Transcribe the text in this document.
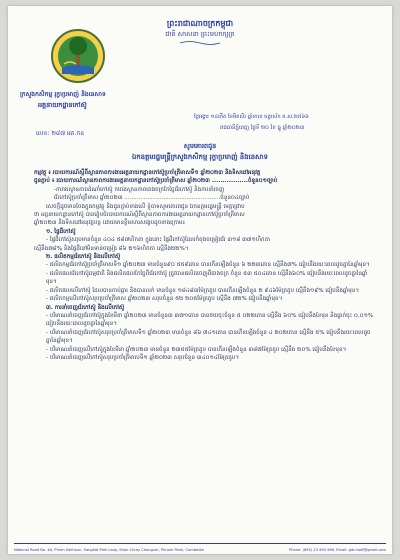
ព្រះរាជាណាចក្រកម្ពុជា
ជាតិ សាសនា ព្រះមហាក្សត្រ
ក្រសួងកសិកម្ម រុក្ខាប្រមាញ់ និងនេសាទ
អគ្គនាយកដ្ឋានកៅស៊ូ
លេខ: ២៨៧ អគ.កឧ
ថ្ងៃអង្គារ ១៤កើត ខែមិគសិរ ឆ្នាំខាល ចត្វាស័ក ព.ស.២៥៦៦
រាជធានីភ្នំពេញ ថ្ងៃទី ២០ ខែ ធ្នូ ឆ្នាំ២០២៣
សូមគោរពជូន
ឯកឧត្តមរដ្ឋមន្ត្រីក្រសួងកសិកម្ម រុក្ខាប្រមាញ់ និងនេសាទ

កម្មវត្ថុ ៖ របាយការណ៍ស្តីពីស្ថានភាពការងារអគ្គនាយកដ្ឋានកៅស៊ូប្រចាំត្រីមាសទី១ ឆ្នាំ២០២៣ និងទិសដៅអនុវត្ត

ជូនភ្ជាប់ ៖ របាយការណ៍ស្ថានភាពការងារអគ្គនាយកដ្ឋានកៅស៊ូប្រចាំត្រីមាស ឆ្នាំ២០២៣ .................ចំនួន០១ច្បាប់

-ការាងស្ថានភាពដំណាំកៅស៊ូ ការាងស្ថានភាពរោងចក្រកែច្នៃជ័រកៅស៊ូ និងការនាំចេញ

ជ័រកៅស៊ូប្រចាំត្រីមាស ឆ្នាំ២០២៣ ......................................................ចំនួន០៤ច្បាប់

សេចក្តីដូចមានចែងក្នុងកម្មវត្ថុ និងជូនភ្ជាប់ខាងលើ ខ្ញុំបាទសូមគោរពជូន ឯកឧត្តមរដ្ឋមន្ត្រី មេត្តាជ្រាប

ថា អគ្គនាយកដ្ឋានកៅស៊ូ បានរៀបចំរបាយការណ៍ស្តីពីស្ថានភាពការងារអគ្គនាយកដ្ឋានកៅស៊ូប្រចាំត្រីមាស

ឆ្នាំ២០២៣ និងទិសដៅអនុវត្តបន្ត ដោយមានខ្លឹមសារសង្ខេបដូចខាងក្រោម៖

១. ផ្ទៃដីកៅស៊ូ

- ផ្ទៃដីកៅស៊ូសរុបមានចំនួន ៤០៤ ៥៨៧ហិកតា ក្នុងនោះ ផ្ទៃដីកៅស៊ូដែលកំពុងចម្រៀរជ័រ ៣១៨ ៣៧១ហិកតា

ស្មើនឹង៧៨% និងផ្ទៃដីនៅមិនទាន់ចម្រៀរ ៨៦ ២១៦ហិកតា ស្មើនឹង២២%។

២. ផលិតកម្មជ័រកៅស៊ូ និងលើកៅស៊ូ

- ផលិតកម្មជ័រកៅស៊ូប្រចាំត្រីមាសទី១ ឆ្នាំ២០២៣ មានចំនួន៩០ ៥៥៩តោន បានកើនឡើងចំនួន ៦ ២២៣តោន ស្មើនឹង៧% ធៀបនឹងរយៈពេលដូចគ្នានៃឆ្នាំមុន។

- ផលិតផលជ័រកៅស៊ូធម្មជាតិ និងផលិតផលកែច្នៃពីជ័រកៅស៊ូ ត្រូវបានផលិតចេញពីរោងចក្រ ចំនួន ៥៣ ៥០៤តោន ស្មើនឹង៦០% ធៀបនឹងរយៈពេលដូចគ្នានៃឆ្នាំមុន។

- ផលិតផលលើកៅស៊ូ ដែលបានកាប់ឆ្ការ និងបានលក់ មានចំនួន ១៨៤៨៣ម៉ែត្រគូប បានកើនឡើងចំនួន ២ ៩៤៦ម៉ែត្រគូប ស្មើនឹង១៩% ធៀបនឹងឆ្នាំមុន។

- ផលិតកម្មលើកៅស៊ូសរុបប្រចាំត្រីមាស ឆ្នាំ២០២៣ សរុបចំនួន ៥២ ២០៥ម៉ែត្រគូប ស្មើនឹង ៧២% ធៀបនឹងឆ្នាំមុន។

៣. ការនាំចេញជ័រកៅស៊ូ និងលើកៅស៊ូ

- បរិមាណនាំចេញជ័រកៅស៊ូក្នុងខែមីនា ឆ្នាំ២០២៣ មានចំនួន៣ ៣៧១តោន បានថយចុះចំនួន ៥ ០២២តោន ស្មើនឹង ៦០% ធៀបនឹងខែមុន និងធ្លាក់ចុះ ០,០១% ធៀបនឹងរយៈពេលដូចគ្នានៃឆ្នាំមុន។

- បរិមាណនាំចេញជ័រកៅស៊ូសរុបប្រចាំត្រីមាសទី១ ឆ្នាំ២០២៣ មានចំនួន ៨៦ ៧៤១តោន បានកើនឡើងចំនួន ៤ ២០២តោន ស្មើនឹង ៥% ធៀបនឹងរយៈពេលដូចគ្នានៃឆ្នាំមុន។

- បរិមាណនាំចេញលើកៅស៊ូក្នុងខែមីនា ឆ្នាំ២០២៣ មានចំនួន ២៣៥៥ម៉ែត្រគូប បានកើនឡើងចំនួន ៣៨៧ម៉ែត្រគូប ស្មើនឹង ២០% ធៀបនឹងខែមុន។

- បរិមាណនាំចេញលើកៅស៊ូសរុបប្រចាំត្រីមាសទី១ ឆ្នាំ២០២៣ សរុបចំនួន ៣៤០១៤ម៉ែត្រគូប។

National Road No. 4A, Phum Sakhoun, Sangkat Prek Leap, Khan Chroy Changvar, Phnom Penh, Cambodia	Phone: (855) 23 990 566, Email: gdr.maff@gmail.com
